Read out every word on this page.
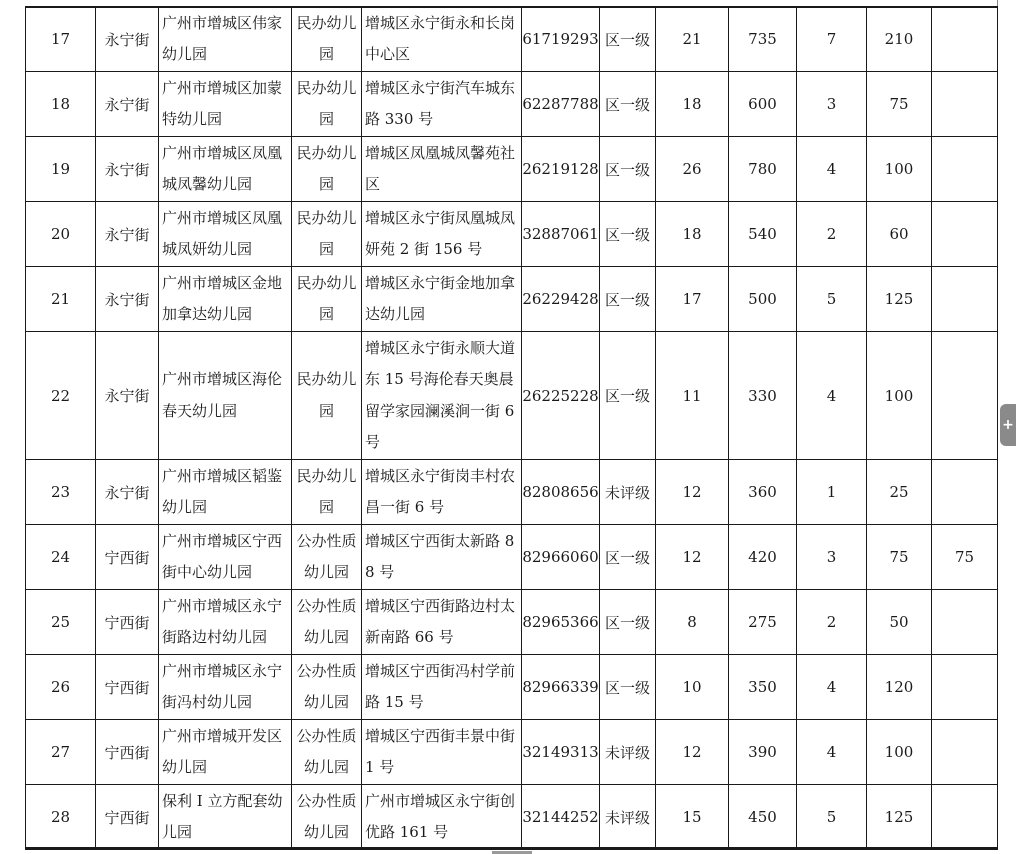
17	永宁街	广州市增城区伟家幼儿园	民办幼儿园	增城区永宁街永和长岗中心区	61719293	区一级	21	735	7	210	
18	永宁街	广州市增城区加蒙特幼儿园	民办幼儿园	增城区永宁街汽车城东路 330 号	62287788	区一级	18	600	3	75	
19	永宁街	广州市增城区凤凰城凤馨幼儿园	民办幼儿园	增城区凤凰城凤馨苑社区	26219128	区一级	26	780	4	100	
20	永宁街	广州市增城区凤凰城凤妍幼儿园	民办幼儿园	增城区永宁街凤凰城凤妍苑 2 街 156 号	32887061	区一级	18	540	2	60	
21	永宁街	广州市增城区金地加拿达幼儿园	民办幼儿园	增城区永宁街金地加拿达幼儿园	26229428	区一级	17	500	5	125	
22	永宁街	广州市增城区海伦春天幼儿园	民办幼儿园	增城区永宁街永顺大道东 15 号海伦春天奥晨留学家园澜溪涧一街 6 号	26225228	区一级	11	330	4	100	
23	永宁街	广州市增城区韬鉴幼儿园	民办幼儿园	增城区永宁街岗丰村农昌一街 6 号	82808656	未评级	12	360	1	25	
24	宁西街	广州市增城区宁西街中心幼儿园	公办性质幼儿园	增城区宁西街太新路 88 号	82966060	区一级	12	420	3	75	75
25	宁西街	广州市增城区永宁街路边村幼儿园	公办性质幼儿园	增城区宁西街路边村太新南路 66 号	82965366	区一级	8	275	2	50	
26	宁西街	广州市增城区永宁街冯村幼儿园	公办性质幼儿园	增城区宁西街冯村学前路 15 号	82966339	区一级	10	350	4	120	
27	宁西街	广州市增城开发区幼儿园	公办性质幼儿园	增城区宁西街丰景中街 1 号	32149313	未评级	12	390	4	100	
28	宁西街	保利 I 立方配套幼儿园	公办性质幼儿园	广州市增城区永宁街创优路 161 号	32144252	未评级	15	450	5	125	
+
